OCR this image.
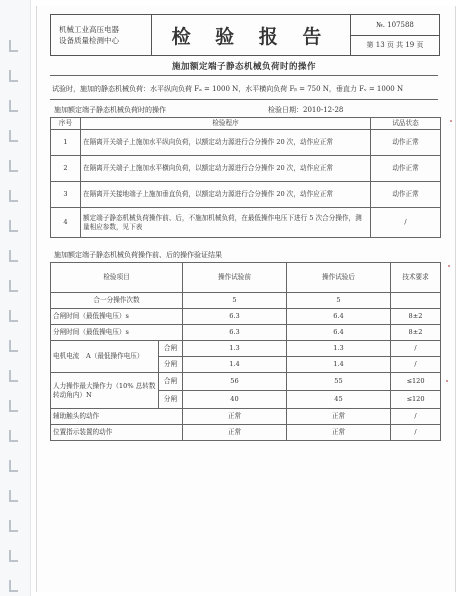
机械工业高压电器
设备质量检测中心	检 验 报 告
№. 107588
第 13 页 共 19 页
施加额定端子静态机械负荷时的操作
试验时，施加的静态机械负荷：水平纵向负荷 Fₐ = 1000 N，水平横向负荷 Fᵦ = 750 N，垂直力 Fᵥ = 1000 N
施加额定端子静态机械负荷时的操作	检验日期：2010-12-28
序号	检验程序	试品状态
1	在隔离开关端子上施加水平纵向负荷，以额定动力源进行合分操作 20 次，动作应正常	动作正常
2	在隔离开关端子上施加水平横向负荷，以额定动力源进行合分操作 20 次，动作应正常	动作正常
3	在隔离开关接地端子上施加垂直负荷，以额定动力源进行合分操作 20 次，动作应正常	动作正常
4	额定端子静态机械负荷操作前、后，不施加机械负荷，在最低操作电压下进行 5 次合分操作，测量相应参数，见下表	/
施加额定端子静态机械负荷操作前、后的操作验证结果
检验项目		操作试验前	操作试验后	技术要求
合一分操作次数		5	5	
合闸时间（最低操电压）s		6.3	6.4	8±2
分闸时间（最低操电压）s		6.3	6.4	8±2
电机电流　A（最低操作电压）	合闸	1.3	1.3	/
	分闸	1.4	1.4	/
人力操作最大操作力（10% 总转数转动角内）N	合闸	56	55	≤120
	分闸	40	45	≤120
辅助触头的动作		正常	正常	/
位置指示装置的动作		正常	正常	/
